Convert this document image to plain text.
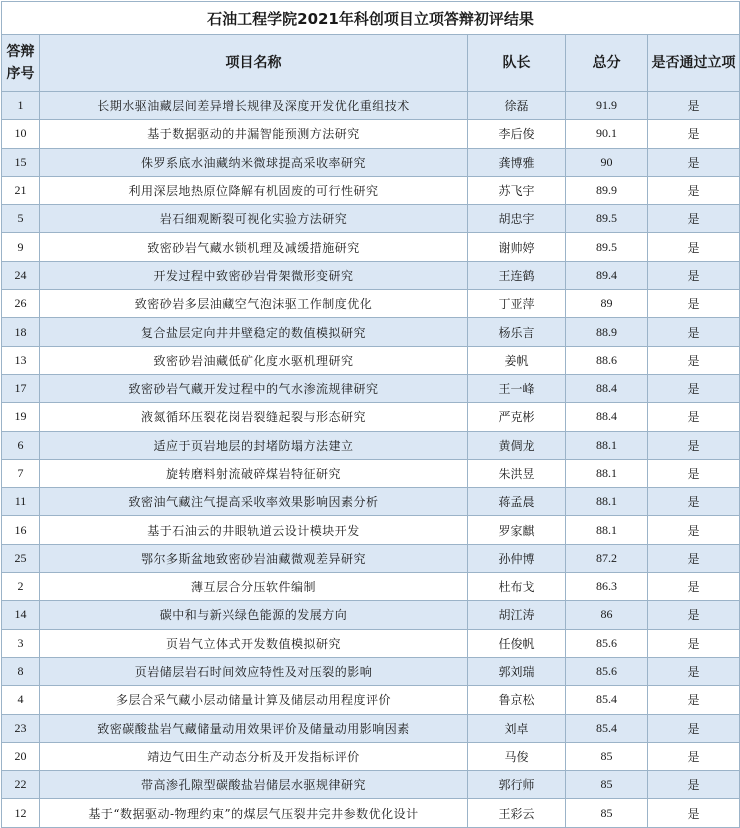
石油工程学院2021年科创项目立项答辩初评结果				
答辩序号	项目名称	队长	总分	是否通过立项
1	长期水驱油藏层间差异增长规律及深度开发优化重组技术	徐磊	91.9	是
10	基于数据驱动的井漏智能预测方法研究	李后俊	90.1	是
15	侏罗系底水油藏纳米微球提高采收率研究	龚博雅	90	是
21	利用深层地热原位降解有机固废的可行性研究	苏飞宇	89.9	是
5	岩石细观断裂可视化实验方法研究	胡忠宇	89.5	是
9	致密砂岩气藏水锁机理及减缓措施研究	谢帅婷	89.5	是
24	开发过程中致密砂岩骨架微形变研究	王连鹤	89.4	是
26	致密砂岩多层油藏空气泡沫驱工作制度优化	丁亚萍	89	是
18	复合盐层定向井井壁稳定的数值模拟研究	杨乐言	88.9	是
13	致密砂岩油藏低矿化度水驱机理研究	姜帆	88.6	是
17	致密砂岩气藏开发过程中的气水渗流规律研究	王一峰	88.4	是
19	液氮循环压裂花岗岩裂缝起裂与形态研究	严克彬	88.4	是
6	适应于页岩地层的封堵防塌方法建立	黄倜龙	88.1	是
7	旋转磨料射流破碎煤岩特征研究	朱洪昱	88.1	是
11	致密油气藏注气提高采收率效果影响因素分析	蒋孟晨	88.1	是
16	基于石油云的井眼轨道云设计模块开发	罗家麒	88.1	是
25	鄂尔多斯盆地致密砂岩油藏微观差异研究	孙仲博	87.2	是
2	薄互层合分压软件编制	杜布戈	86.3	是
14	碳中和与新兴绿色能源的发展方向	胡江涛	86	是
3	页岩气立体式开发数值模拟研究	任俊帆	85.6	是
8	页岩储层岩石时间效应特性及对压裂的影响	郭刘瑞	85.6	是
4	多层合采气藏小层动储量计算及储层动用程度评价	鲁京松	85.4	是
23	致密碳酸盐岩气藏储量动用效果评价及储量动用影响因素	刘卓	85.4	是
20	靖边气田生产动态分析及开发指标评价	马俊	85	是
22	带高渗孔隙型碳酸盐岩储层水驱规律研究	郭行师	85	是
12	基于“数据驱动-物理约束”的煤层气压裂井完井参数优化设计	王彩云	85	是
